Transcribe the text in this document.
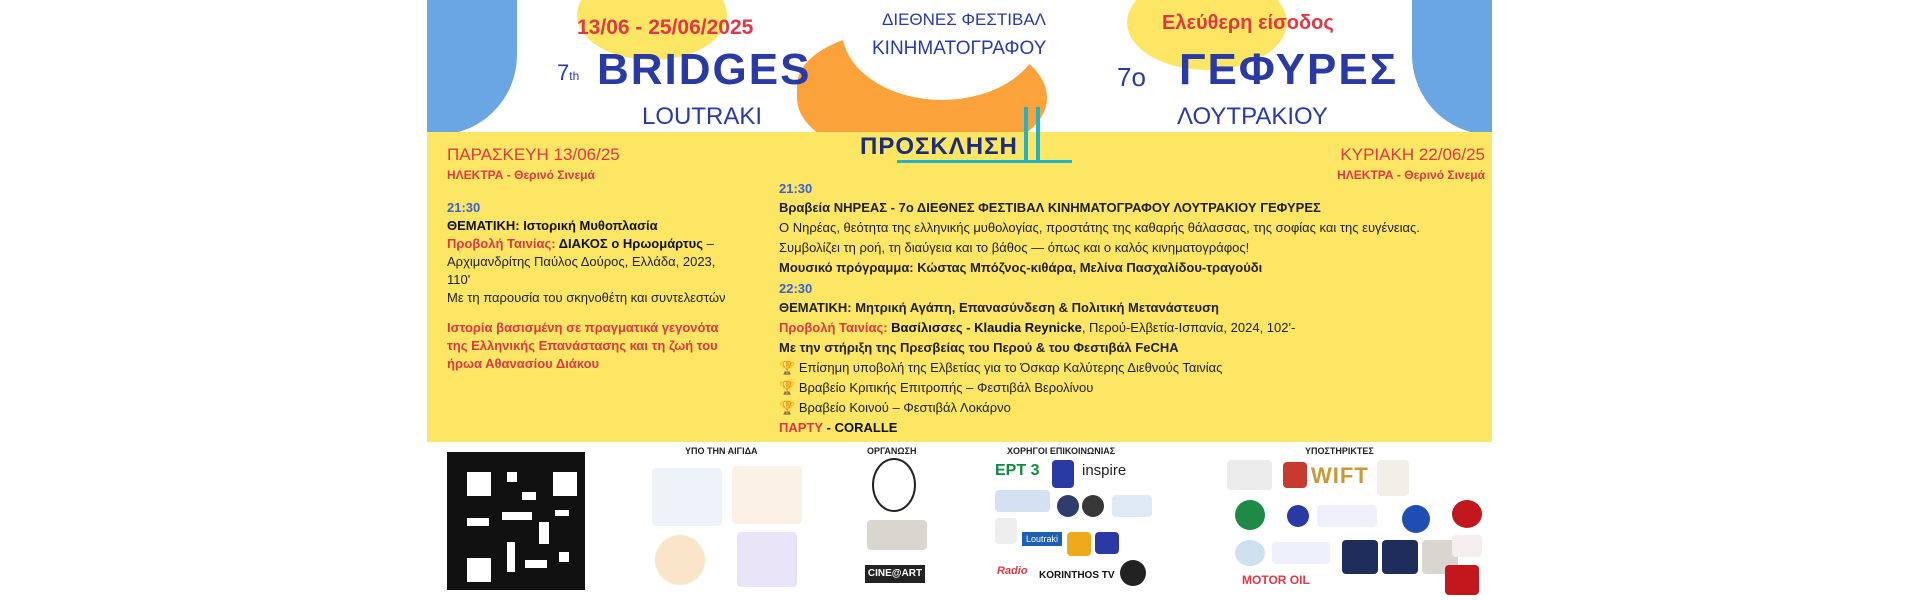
13/06 - 25/06/2025
7th BRIDGES
LOUTRAKI
ΔΙΕΘΝΕΣ ΦΕΣΤΙΒΑΛ
ΚΙΝΗΜΑΤΟΓΡΑΦΟΥ
Ελεύθερη είσοδος
7ο ΓΕΦΥΡΕΣ
ΛΟΥΤΡΑΚΙΟΥ
ΠΡΟΣΚΛΗΣΗ

ΠΑΡΑΣΚΕΥΗ 13/06/25

ΗΛΕΚΤΡΑ - Θερινό Σινεμά

21:30

ΘΕΜΑΤΙΚΗ: Ιστορική Μυθοπλασία

Προβολή Ταινίας: ΔΙΑΚΟΣ ο Ηρωομάρτυς – Αρχιμανδρίτης Παύλος Δούρος, Ελλάδα, 2023, 110'

Με τη παρουσία του σκηνοθέτη και συντελεστών

Ιστορία βασισμένη σε πραγματικά γεγονότα της Ελληνικής Επανάστασης και τη ζωή του ήρωα Αθανασίου Διάκου

ΚΥΡΙΑΚΗ 22/06/25

ΗΛΕΚΤΡΑ - Θερινό Σινεμά

21:30

Βραβεία ΝΗΡΕΑΣ - 7ο ΔΙΕΘΝΕΣ ΦΕΣΤΙΒΑΛ ΚΙΝΗΜΑΤΟΓΡΑΦΟΥ ΛΟΥΤΡΑΚΙΟΥ ΓΕΦΥΡΕΣ

Ο Νηρέας, θεότητα της ελληνικής μυθολογίας, προστάτης της καθαρής θάλασσας, της σοφίας και της ευγένειας. Συμβολίζει τη ροή, τη διαύγεια και το βάθος — όπως και ο καλός κινηματογράφος!

Μουσικό πρόγραμμα: Κώστας Μπόζνος-κιθάρα, Μελίνα Πασχαλίδου-τραγούδι

22:30

ΘΕΜΑΤΙΚΗ: Μητρική Αγάπη, Επανασύνδεση & Πολιτική Μετανάστευση

Προβολή Ταινίας: Βασίλισσες - Klaudia Reynicke, Περού-Ελβετία-Ισπανία, 2024, 102'-

Με την στήριξη της Πρεσβείας του Περού & του Φεστιβάλ FeCHA

🏆 Επίσημη υποβολή της Ελβετίας για το Όσκαρ Καλύτερης Διεθνούς Ταινίας

🏆 Βραβείο Κριτικής Επιτροπής – Φεστιβάλ Βερολίνου

🏆 Βραβείο Κοινού – Φεστιβάλ Λοκάρνο

ΠΑΡΤΥ - CORALLE

ΥΠΟ ΤΗΝ ΑΙΓΙΔΑ	ΟΡΓΑΝΩΣΗ
CINE@ART
ΧΟΡΗΓΟΙ ΕΠΙΚΟΙΝΩΝΙΑΣ
ΕΡΤ 3	inspire
Loutraki
Radio KORINTHOS TV
ΥΠΟΣΤΗΡΙΚΤΕΣ
WIFT
MOTOR OIL
